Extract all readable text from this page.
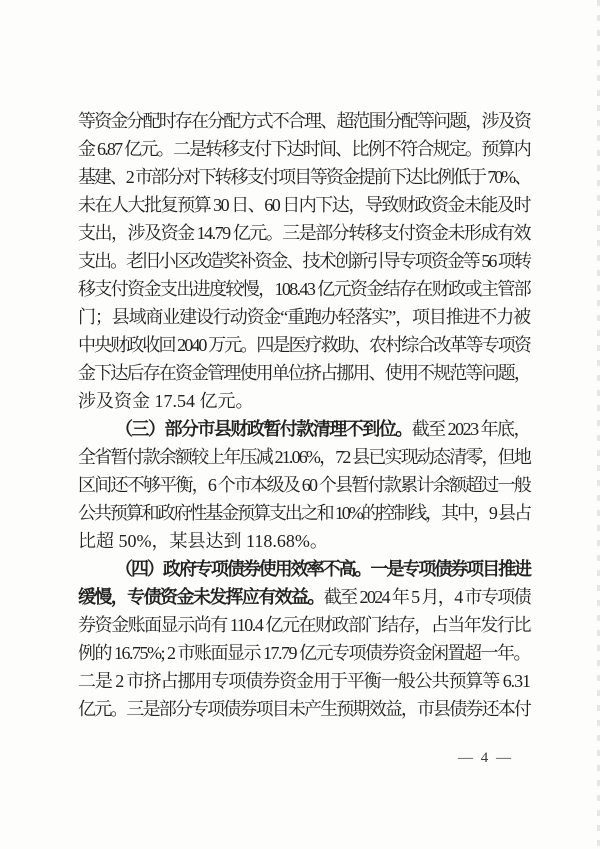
等资金分配时存在分配方式不合理、超范围分配等问题，涉及资
金 6.87 亿元。二是转移支付下达时间、比例不符合规定。预算内
基建、2 市部分对下转移支付项目等资金提前下达比例低于 70%、
未在人大批复预算 30 日、60 日内下达，导致财政资金未能及时
支出，涉及资金 14.79 亿元。三是部分转移支付资金未形成有效
支出。老旧小区改造奖补资金、技术创新引导专项资金等 56 项转
移支付资金支出进度较慢，108.43 亿元资金结存在财政或主管部
门；县域商业建设行动资金“重跑办轻落实”，项目推进不力被
中央财政收回 2040 万元。四是医疗救助、农村综合改革等专项资
金下达后存在资金管理使用单位挤占挪用、使用不规范等问题，
涉及资金 17.54 亿元。
（三）部分市县财政暂付款清理不到位。截至 2023 年底，
全省暂付款余额较上年压减 21.06%，72 县已实现动态清零，但地
区间还不够平衡，6 个市本级及 60 个县暂付款累计余额超过一般
公共预算和政府性基金预算支出之和 10%的控制线，其中，9 县占
比超 50%，某县达到 118.68%。
（四）政府专项债券使用效率不高。一是专项债券项目推进
缓慢，专债资金未发挥应有效益。截至 2024 年 5 月，4 市专项债
券资金账面显示尚有 110.4 亿元在财政部门结存，占当年发行比
例的 16.75%; 2 市账面显示 17.79 亿元专项债券资金闲置超一年。
二是 2 市挤占挪用专项债券资金用于平衡一般公共预算等 6.31
亿元。三是部分专项债券项目未产生预期效益，市县债券还本付
— 4 —
